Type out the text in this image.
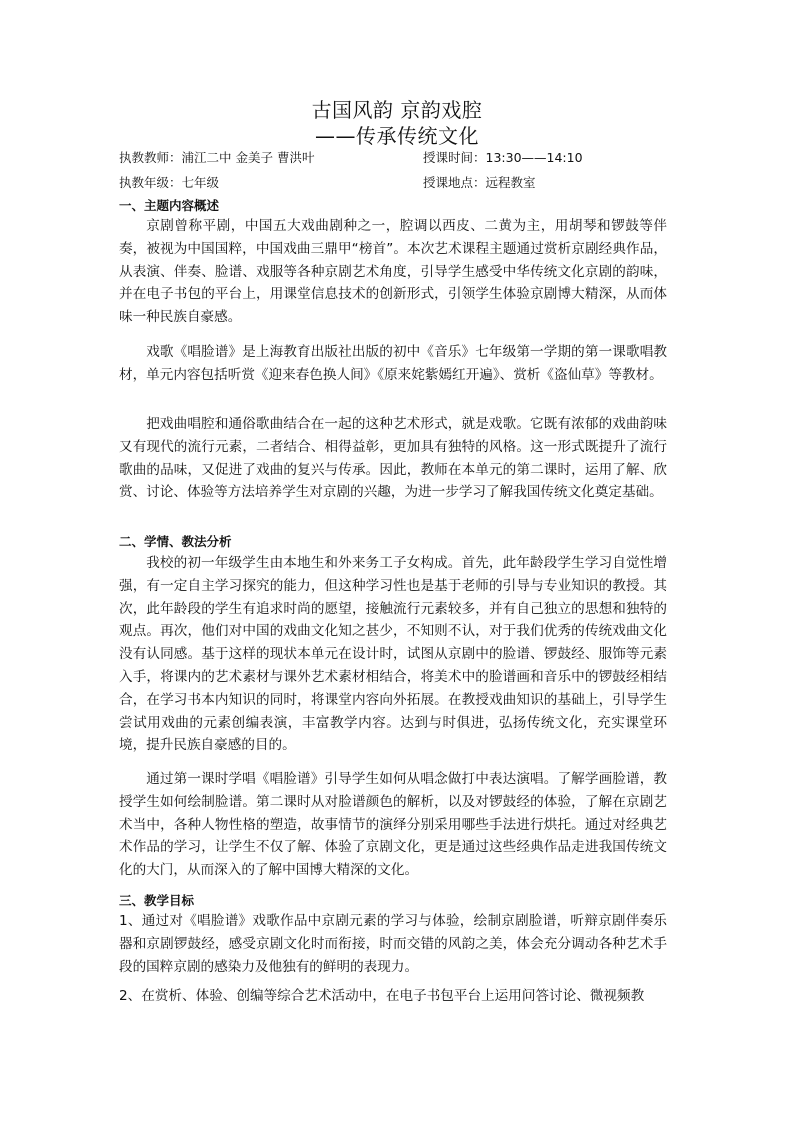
古国风韵 京韵戏腔
——传承传统文化
执教教师：浦江二中 金美子 曹洪叶	授课时间：13:30——14:10
执教年级：七年级	授课地点：远程教室
一、主题内容概述

京剧曾称平剧，中国五大戏曲剧种之一，腔调以西皮、二黄为主，用胡琴和锣鼓等伴奏，被视为中国国粹，中国戏曲三鼎甲“榜首”。本次艺术课程主题通过赏析京剧经典作品，从表演、伴奏、脸谱、戏服等各种京剧艺术角度，引导学生感受中华传统文化京剧的韵味，并在电子书包的平台上，用课堂信息技术的创新形式，引领学生体验京剧博大精深，从而体味一种民族自豪感。

戏歌《唱脸谱》是上海教育出版社出版的初中《音乐》七年级第一学期的第一课歌唱教材，单元内容包括听赏《迎来春色换人间》《原来姹紫嫣红开遍》、赏析《盗仙草》等教材。

把戏曲唱腔和通俗歌曲结合在一起的这种艺术形式，就是戏歌。它既有浓郁的戏曲韵味又有现代的流行元素，二者结合、相得益彰，更加具有独特的风格。这一形式既提升了流行歌曲的品味，又促进了戏曲的复兴与传承。因此，教师在本单元的第二课时，运用了解、欣赏、讨论、体验等方法培养学生对京剧的兴趣，为进一步学习了解我国传统文化奠定基础。

二、学情、教法分析

我校的初一年级学生由本地生和外来务工子女构成。首先，此年龄段学生学习自觉性增强，有一定自主学习探究的能力，但这种学习性也是基于老师的引导与专业知识的教授。其次，此年龄段的学生有追求时尚的愿望，接触流行元素较多，并有自己独立的思想和独特的观点。再次，他们对中国的戏曲文化知之甚少，不知则不认，对于我们优秀的传统戏曲文化没有认同感。基于这样的现状本单元在设计时，试图从京剧中的脸谱、锣鼓经、服饰等元素入手，将课内的艺术素材与课外艺术素材相结合，将美术中的脸谱画和音乐中的锣鼓经相结合，在学习书本内知识的同时，将课堂内容向外拓展。在教授戏曲知识的基础上，引导学生尝试用戏曲的元素创编表演，丰富教学内容。达到与时俱进，弘扬传统文化，充实课堂环境，提升民族自豪感的目的。

通过第一课时学唱《唱脸谱》引导学生如何从唱念做打中表达演唱。了解学画脸谱，教授学生如何绘制脸谱。第二课时从对脸谱颜色的解析，以及对锣鼓经的体验，了解在京剧艺术当中，各种人物性格的塑造，故事情节的演绎分别采用哪些手法进行烘托。通过对经典艺术作品的学习，让学生不仅了解、体验了京剧文化，更是通过这些经典作品走进我国传统文化的大门，从而深入的了解中国博大精深的文化。

三、教学目标

1、通过对《唱脸谱》戏歌作品中京剧元素的学习与体验，绘制京剧脸谱，听辩京剧伴奏乐器和京剧锣鼓经，感受京剧文化时而衔接，时而交错的风韵之美，体会充分调动各种艺术手段的国粹京剧的感染力及他独有的鲜明的表现力。

2、在赏析、体验、创编等综合艺术活动中，在电子书包平台上运用问答讨论、微视频教
